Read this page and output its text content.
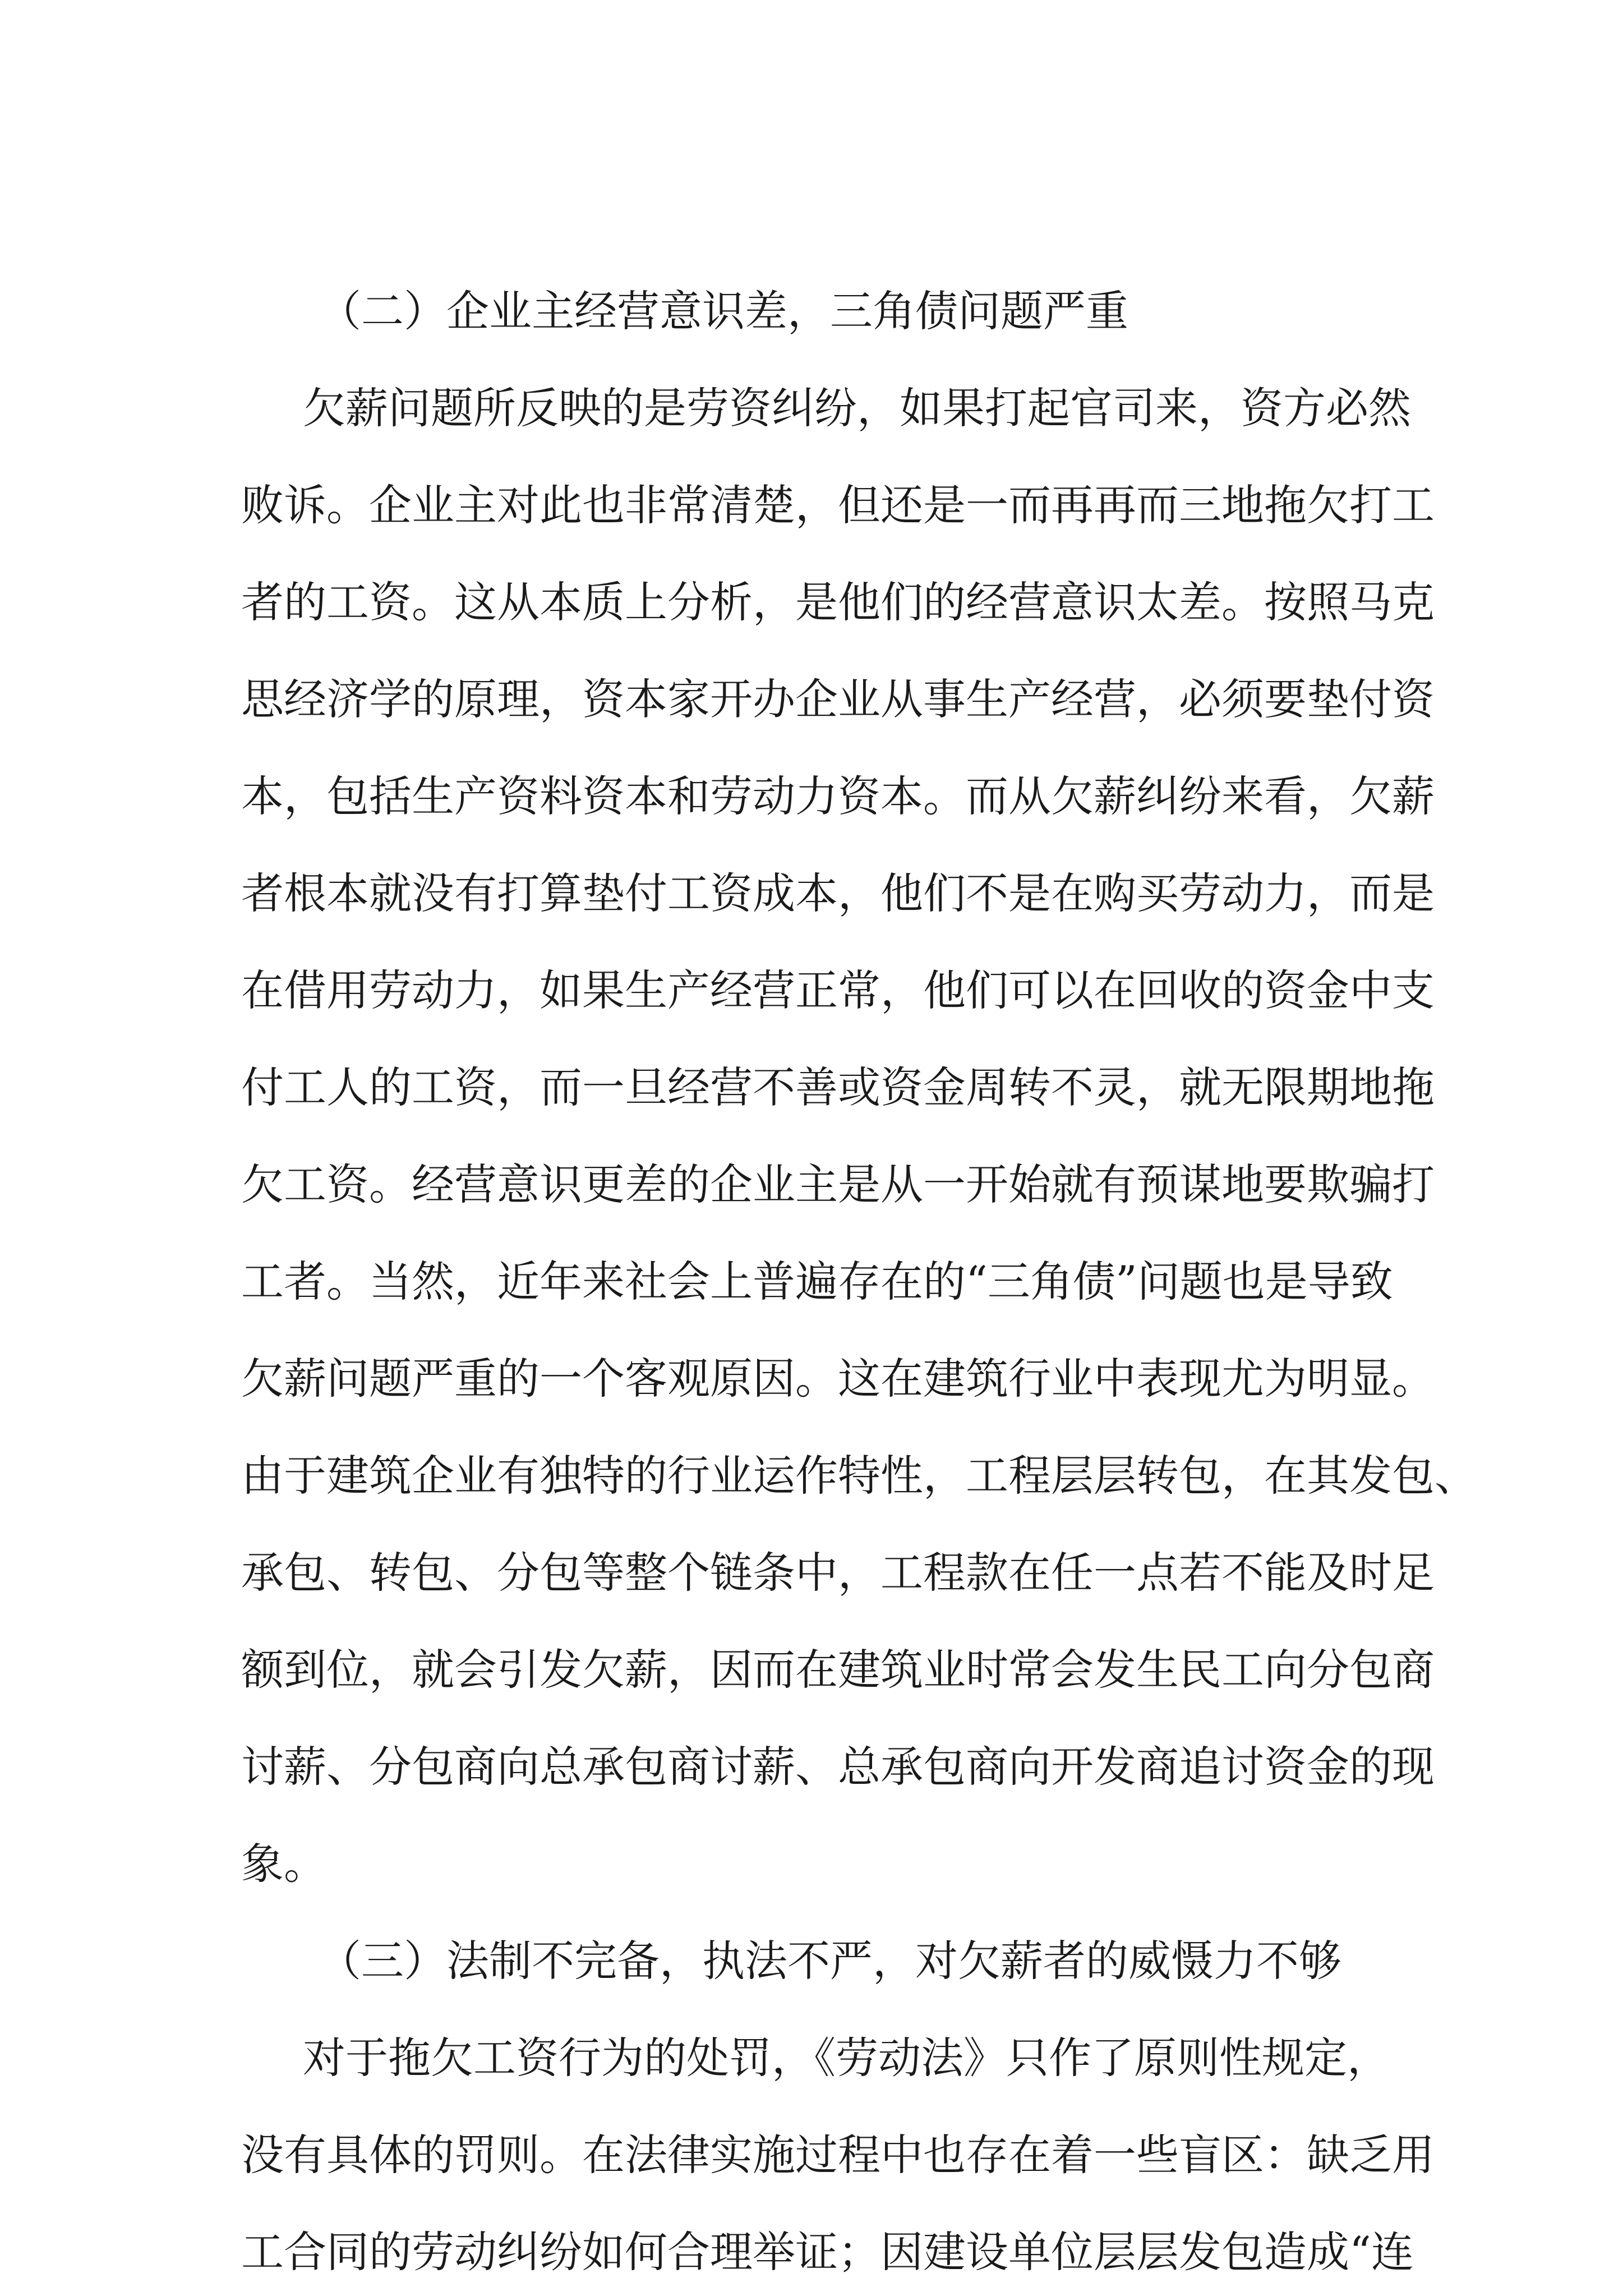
（二）企业主经营意识差，三角债问题严重
欠薪问题所反映的是劳资纠纷，如果打起官司来，资方必然
败诉。企业主对此也非常清楚，但还是一而再再而三地拖欠打工
者的工资。这从本质上分析，是他们的经营意识太差。按照马克
思经济学的原理，资本家开办企业从事生产经营，必须要垫付资
本，包括生产资料资本和劳动力资本。而从欠薪纠纷来看，欠薪
者根本就没有打算垫付工资成本，他们不是在购买劳动力，而是
在借用劳动力，如果生产经营正常，他们可以在回收的资金中支
付工人的工资，而一旦经营不善或资金周转不灵，就无限期地拖
欠工资。经营意识更差的企业主是从一开始就有预谋地要欺骗打
工者。当然，近年来社会上普遍存在的“三角债”问题也是导致
欠薪问题严重的一个客观原因。这在建筑行业中表现尤为明显。
由于建筑企业有独特的行业运作特性，工程层层转包，在其发包、
承包、转包、分包等整个链条中，工程款在任一点若不能及时足
额到位，就会引发欠薪，因而在建筑业时常会发生民工向分包商
讨薪、分包商向总承包商讨薪、总承包商向开发商追讨资金的现
象。
（三）法制不完备，执法不严，对欠薪者的威慑力不够
对于拖欠工资行为的处罚，《劳动法》只作了原则性规定，
没有具体的罚则。在法律实施过程中也存在着一些盲区：缺乏用
工合同的劳动纠纷如何合理举证；因建设单位层层发包造成“连
